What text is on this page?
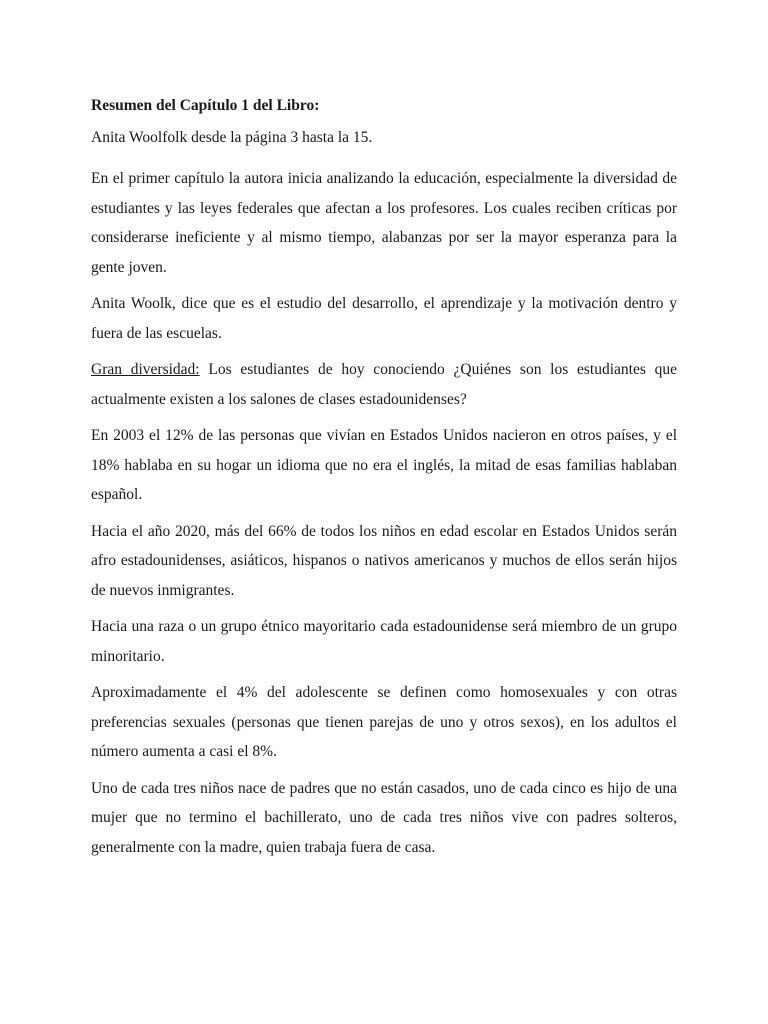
Resumen del Capítulo 1 del Libro:

Anita Woolfolk desde la página 3 hasta la 15.

En el primer capítulo la autora inicia analizando la educación, especialmente la diversidad de estudiantes y las leyes federales que afectan a los profesores. Los cuales reciben críticas por considerarse ineficiente y al mismo tiempo, alabanzas por ser la mayor esperanza para la gente joven.

Anita Woolk, dice que es el estudio del desarrollo, el aprendizaje y la motivación dentro y fuera de las escuelas.

Gran diversidad: Los estudiantes de hoy conociendo ¿Quiénes son los estudiantes que actualmente existen a los salones de clases estadounidenses?

En 2003 el 12% de las personas que vivían en Estados Unidos nacieron en otros países, y el 18% hablaba en su hogar un idioma que no era el inglés, la mitad de esas familias hablaban español.

Hacia el año 2020, más del 66% de todos los niños en edad escolar en Estados Unidos serán afro estadounidenses, asiáticos, hispanos o nativos americanos y muchos de ellos serán hijos de nuevos inmigrantes.

Hacia una raza o un grupo étnico mayoritario cada estadounidense será miembro de un grupo minoritario.

Aproximadamente el 4% del adolescente se definen como homosexuales y con otras preferencias sexuales (personas que tienen parejas de uno y otros sexos), en los adultos el número aumenta a casi el 8%.

Uno de cada tres niños nace de padres que no están casados, uno de cada cinco es hijo de una mujer que no termino el bachillerato, uno de cada tres niños vive con padres solteros, generalmente con la madre, quien trabaja fuera de casa.
